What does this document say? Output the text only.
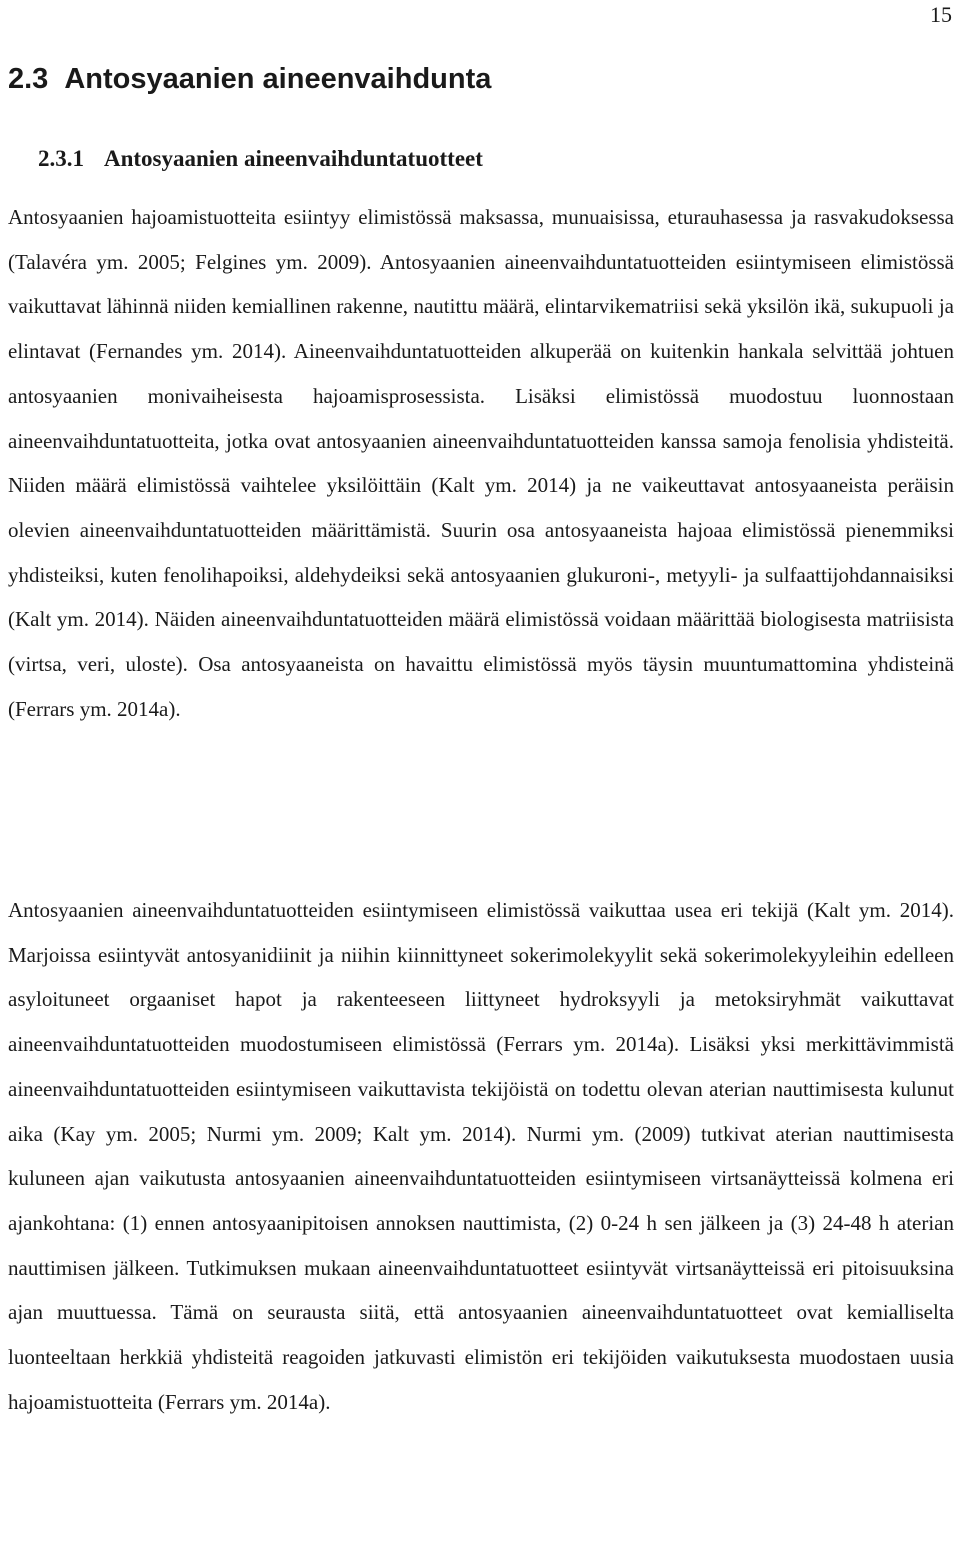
15
2.3 Antosyaanien aineenvaihdunta
2.3.1 Antosyaanien aineenvaihduntatuotteet

Antosyaanien hajoamistuotteita esiintyy elimistössä maksassa, munuaisissa, eturauhasessa ja rasvakudoksessa (Talavéra ym. 2005; Felgines ym. 2009). Antosyaanien aineenvaihduntatuotteiden esiintymiseen elimistössä vaikuttavat lähinnä niiden kemiallinen rakenne, nautittu määrä, elintarvikematriisi sekä yksilön ikä, sukupuoli ja elintavat (Fernandes ym. 2014). Aineenvaihduntatuotteiden alkuperää on kuitenkin hankala selvittää johtuen antosyaanien monivaiheisesta hajoamisprosessista. Lisäksi elimistössä muodostuu luonnostaan aineenvaihduntatuotteita, jotka ovat antosyaanien aineenvaihduntatuotteiden kanssa samoja fenolisia yhdisteitä. Niiden määrä elimistössä vaihtelee yksilöittäin (Kalt ym. 2014) ja ne vaikeuttavat antosyaaneista peräisin olevien aineenvaihduntatuotteiden määrittämistä. Suurin osa antosyaaneista hajoaa elimistössä pienemmiksi yhdisteiksi, kuten fenolihapoiksi, aldehydeiksi sekä antosyaanien glukuroni-, metyyli- ja sulfaattijohdannaisiksi (Kalt ym. 2014). Näiden aineenvaihduntatuotteiden määrä elimistössä voidaan määrittää biologisesta matriisista (virtsa, veri, uloste). Osa antosyaaneista on havaittu elimistössä myös täysin muuntumattomina yhdisteinä (Ferrars ym. 2014a).

Antosyaanien aineenvaihduntatuotteiden esiintymiseen elimistössä vaikuttaa usea eri tekijä (Kalt ym. 2014). Marjoissa esiintyvät antosyanidiinit ja niihin kiinnittyneet sokerimolekyylit sekä sokerimolekyyleihin edelleen asyloituneet orgaaniset hapot ja rakenteeseen liittyneet hydroksyyli ja metoksiryhmät vaikuttavat aineenvaihduntatuotteiden muodostumiseen elimistössä (Ferrars ym. 2014a). Lisäksi yksi merkittävimmistä aineenvaihduntatuotteiden esiintymiseen vaikuttavista tekijöistä on todettu olevan aterian nauttimisesta kulunut aika (Kay ym. 2005; Nurmi ym. 2009; Kalt ym. 2014). Nurmi ym. (2009) tutkivat aterian nauttimisesta kuluneen ajan vaikutusta antosyaanien aineenvaihduntatuotteiden esiintymiseen virtsanäytteissä kolmena eri ajankohtana: (1) ennen antosyaanipitoisen annoksen nauttimista, (2) 0-24 h sen jälkeen ja (3) 24-48 h aterian nauttimisen jälkeen. Tutkimuksen mukaan aineenvaihduntatuotteet esiintyvät virtsanäytteissä eri pitoisuuksina ajan muuttuessa. Tämä on seurausta siitä, että antosyaanien aineenvaihduntatuotteet ovat kemialliselta luonteeltaan herkkiä yhdisteitä reagoiden jatkuvasti elimistön eri tekijöiden vaikutuksesta muodostaen uusia hajoamistuotteita (Ferrars ym. 2014a).
